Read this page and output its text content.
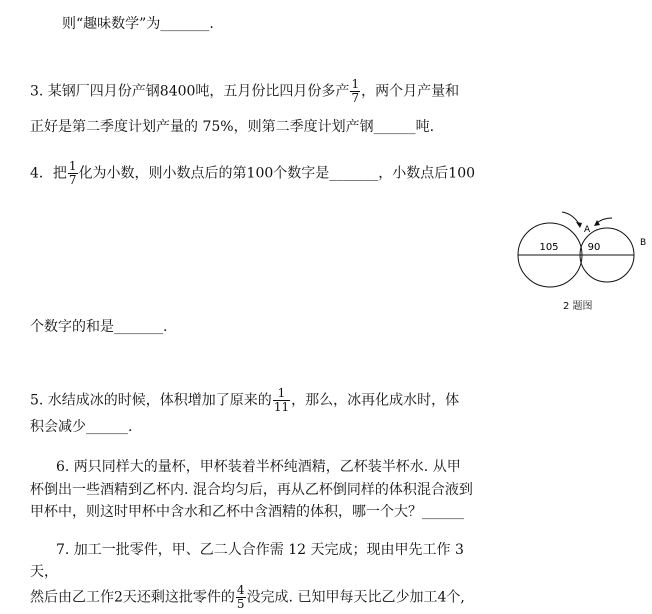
则“趣味数学”为_______.
3. 某钢厂四月份产钢8400吨，五月份比四月份多产 $\frac{1}{7}$ ，两个月产量和
正好是第二季度计划产量的 75%，则第二季度计划产钢______吨.
4．把 $\frac{1}{7}$ 化为小数，则小数点后的第100个数字是_______，小数点后100
105	90
A
B
2 题图
个数字的和是_______.
5. 水结成冰的时候，体积增加了原来的 $\frac{1}{11}$ ，那么，冰再化成水时，体
积会减少______.
6. 两只同样大的量杯，甲杯装着半杯纯酒精，乙杯装半杯水. 从甲
杯倒出一些酒精到乙杯内. 混合均匀后，再从乙杯倒同样的体积混合液到
甲杯中，则这时甲杯中含水和乙杯中含酒精的体积，哪一个大？______
7. 加工一批零件，甲、乙二人合作需 12 天完成；现由甲先工作 3
天，
然后由乙工作2天还剩这批零件的 $\frac{4}{5}$ 没完成. 已知甲每天比乙少加工4个,
